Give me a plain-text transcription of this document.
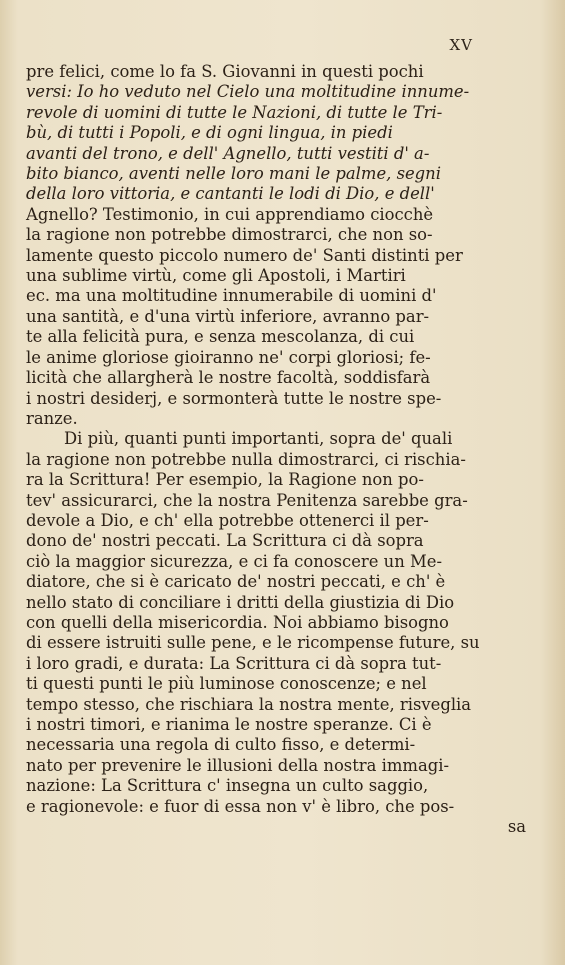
XV

pre felici, come lo fa S. Giovanni in questi pochi
versi: Io ho veduto nel Cielo una moltitudine innume-
revole di uomini di tutte le Nazioni, di tutte le Tri-
bù, di tutti i Popoli, e di ogni lingua, in piedi
avanti del trono, e dell' Agnello, tutti vestiti d' a-
bito bianco, aventi nelle loro mani le palme, segni
della loro vittoria, e cantanti le lodi di Dio, e dell'
Agnello? Testimonio, in cui apprendiamo ciocchè
la ragione non potrebbe dimostrarci, che non so-
lamente questo piccolo numero de' Santi distinti per
una sublime virtù, come gli Apostoli, i Martiri
ec. ma una moltitudine innumerabile di uomini d'
una santità, e d'una virtù inferiore, avranno par-
te alla felicità pura, e senza mescolanza, di cui
le anime gloriose gioiranno ne' corpi gloriosi; fe-
licità che allargherà le nostre facoltà, soddisfarà
i nostri desiderj, e sormonterà tutte le nostre spe-
ranze.

Di più, quanti punti importanti, sopra de' quali
la ragione non potrebbe nulla dimostrarci, ci rischia-
ra la Scrittura! Per esempio, la Ragione non po-
tev' assicurarci, che la nostra Penitenza sarebbe gra-
devole a Dio, e ch' ella potrebbe ottenerci il per-
dono de' nostri peccati. La Scrittura ci dà sopra
ciò la maggior sicurezza, e ci fa conoscere un Me-
diatore, che si è caricato de' nostri peccati, e ch' è
nello stato di conciliare i dritti della giustizia di Dio
con quelli della misericordia. Noi abbiamo bisogno
di essere istruiti sulle pene, e le ricompense future, su
i loro gradi, e durata: La Scrittura ci dà sopra tut-
ti questi punti le più luminose conoscenze; e nel
tempo stesso, che rischiara la nostra mente, risveglia
i nostri timori, e rianima le nostre speranze. Ci è
necessaria una regola di culto fisso, e determi-
nato per prevenire le illusioni della nostra immagi-
nazione: La Scrittura c' insegna un culto saggio,
e ragionevole: e fuor di essa non v' è libro, che pos-
sa
